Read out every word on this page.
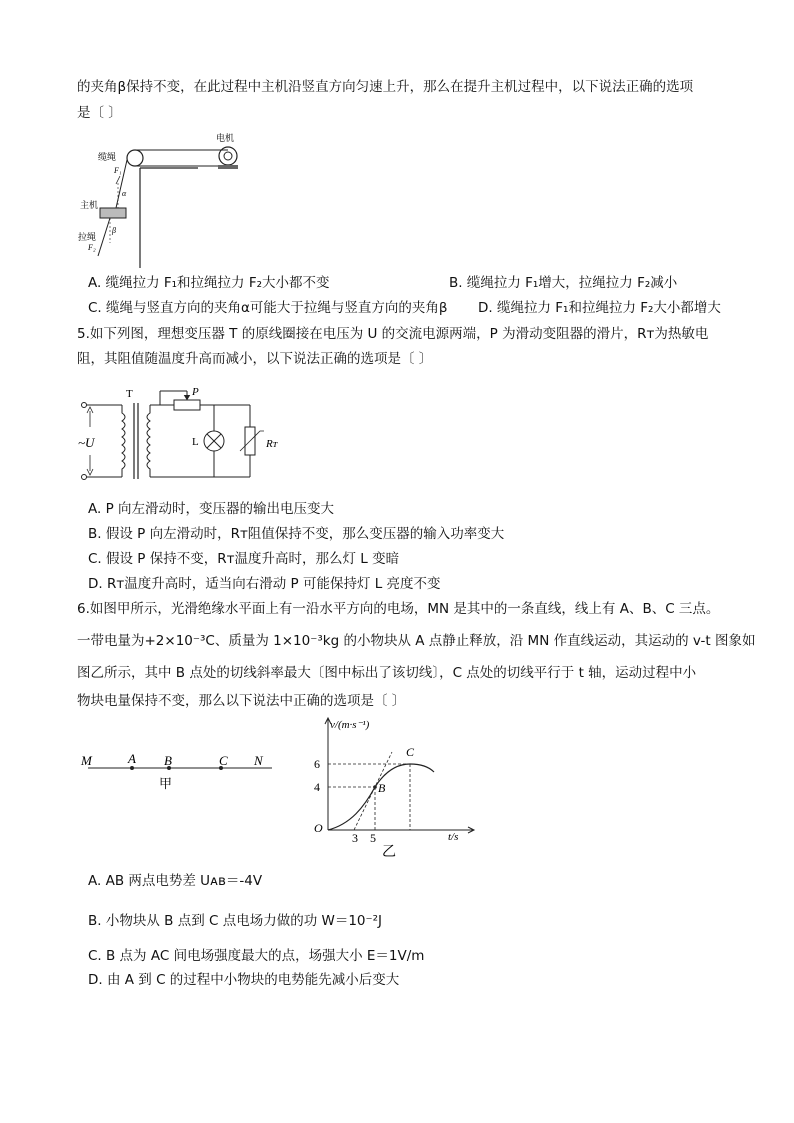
的夹角β保持不变，在此过程中主机沿竖直方向匀速上升，那么在提升主机过程中，以下说法正确的选项
是〔 〕
电机
缆绳
F₁
α
主机
β
拉绳
F₂
A. 缆绳拉力 F₁和拉绳拉力 F₂大小都不变	B. 缆绳拉力 F₁增大，拉绳拉力 F₂减小
C. 缆绳与竖直方向的夹角α可能大于拉绳与竖直方向的夹角β D. 缆绳拉力 F₁和拉绳拉力 F₂大小都增大
5.如下列图，理想变压器 T 的原线圈接在电压为 U 的交流电源两端，P 为滑动变阻器的滑片，Rᴛ为热敏电
阻，其阻值随温度升高而减小，以下说法正确的选项是〔 〕
~U
T	P
L	Rᴛ
A. P 向左滑动时，变压器的输出电压变大
B. 假设 P 向左滑动时，Rᴛ阻值保持不变，那么变压器的输入功率变大
C. 假设 P 保持不变，Rᴛ温度升高时，那么灯 L 变暗
D. Rᴛ温度升高时，适当向右滑动 P 可能保持灯 L 亮度不变
6.如图甲所示，光滑绝缘水平面上有一沿水平方向的电场，MN 是其中的一条直线，线上有 A、B、C 三点。
一带电量为+2×10⁻³C、质量为 1×10⁻³kg 的小物块从 A 点静止释放，沿 MN 作直线运动，其运动的 v-t 图象如
图乙所示，其中 B 点处的切线斜率最大〔图中标出了该切线〕，C 点处的切线平行于 t 轴，运动过程中小
物块电量保持不变，那么以下说法中正确的选项是〔 〕
M	A B	C N
甲
v/(m·s⁻¹)
t/s
O
6
4
3 5
B
C
乙
A. AB 两点电势差 Uᴀʙ＝-4V
B. 小物块从 B 点到 C 点电场力做的功 W＝10⁻²J
C. B 点为 AC 间电场强度最大的点，场强大小 E＝1V/m
D. 由 A 到 C 的过程中小物块的电势能先减小后变大
